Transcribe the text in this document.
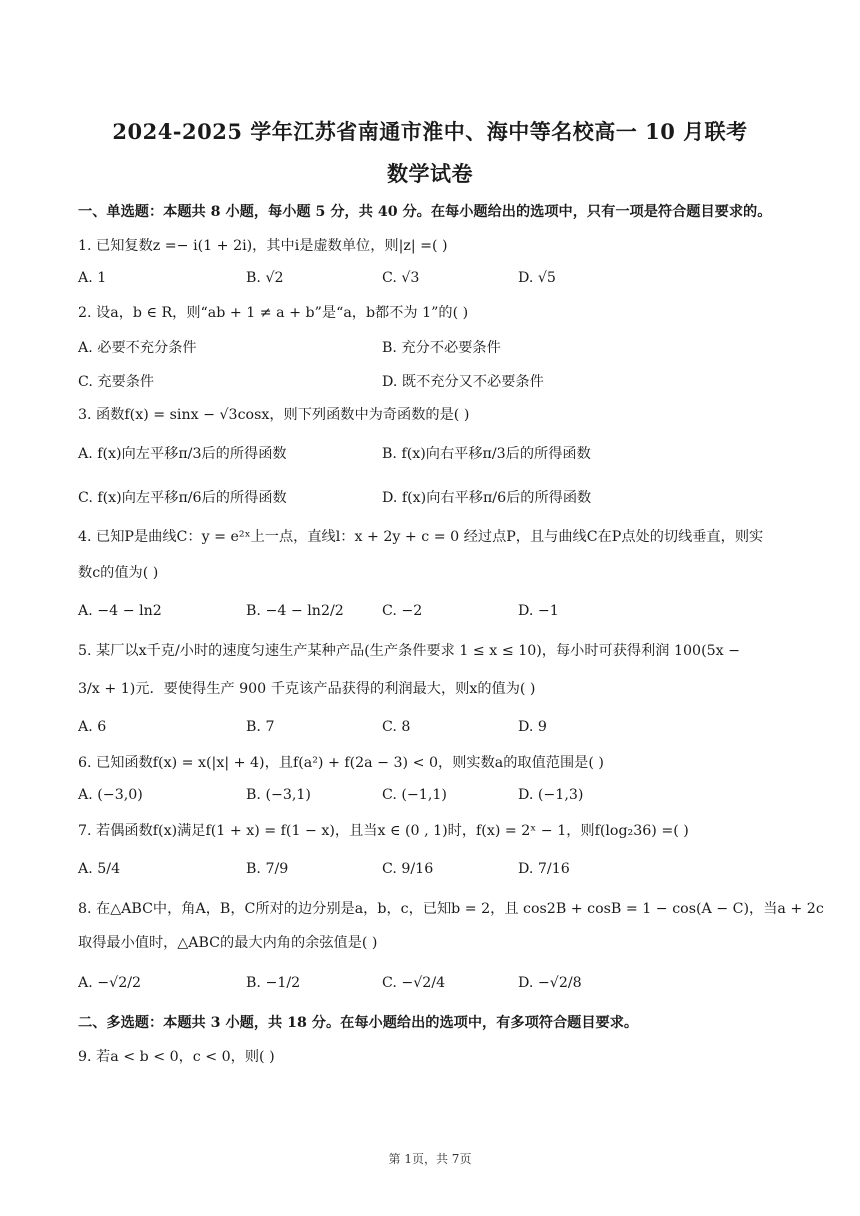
2024-2025 学年江苏省南通市淮中、海中等名校高一 10 月联考
数学试卷
一、单选题：本题共 8 小题，每小题 5 分，共 40 分。在每小题给出的选项中，只有一项是符合题目要求的。
1. 已知复数z =− i(1 + 2i)，其中i是虚数单位，则|z| =( )
A. 1	B. √2	C. √3	D. √5
2. 设a，b ∈ R，则“ab + 1 ≠ a + b”是“a，b都不为 1”的( )
A. 必要不充分条件	B. 充分不必要条件
C. 充要条件	D. 既不充分又不必要条件
3. 函数f(x) = sinx − √3cosx，则下列函数中为奇函数的是( )
A. f(x)向左平移π/3后的所得函数	B. f(x)向右平移π/3后的所得函数
C. f(x)向左平移π/6后的所得函数	D. f(x)向右平移π/6后的所得函数
4. 已知P是曲线C：y = e²ˣ上一点，直线l：x + 2y + c = 0 经过点P，且与曲线C在P点处的切线垂直，则实
数c的值为( )
A. −4 − ln2	B. −4 − ln2/2	C. −2	D. −1
5. 某厂以x千克/小时的速度匀速生产某种产品(生产条件要求 1 ≤ x ≤ 10)，每小时可获得利润 100(5x −
3/x + 1)元．要使得生产 900 千克该产品获得的利润最大，则x的值为( )
A. 6	B. 7	C. 8	D. 9
6. 已知函数f(x) = x(|x| + 4)，且f(a²) + f(2a − 3) < 0，则实数a的取值范围是( )
A. (−3,0)	B. (−3,1)	C. (−1,1)	D. (−1,3)
7. 若偶函数f(x)满足f(1 + x) = f(1 − x)，且当x ∈ (0 , 1)时，f(x) = 2ˣ − 1，则f(log₂36) =( )
A. 5/4	B. 7/9	C. 9/16	D. 7/16
8. 在△ABC中，角A，B，C所对的边分别是a，b，c，已知b = 2，且 cos2B + cosB = 1 − cos(A − C)，当a + 2c
取得最小值时，△ABC的最大内角的余弦值是( )
A. −√2/2	B. −1/2	C. −√2/4	D. −√2/8
二、多选题：本题共 3 小题，共 18 分。在每小题给出的选项中，有多项符合题目要求。
9. 若a < b < 0，c < 0，则( )
第 1页，共 7页
